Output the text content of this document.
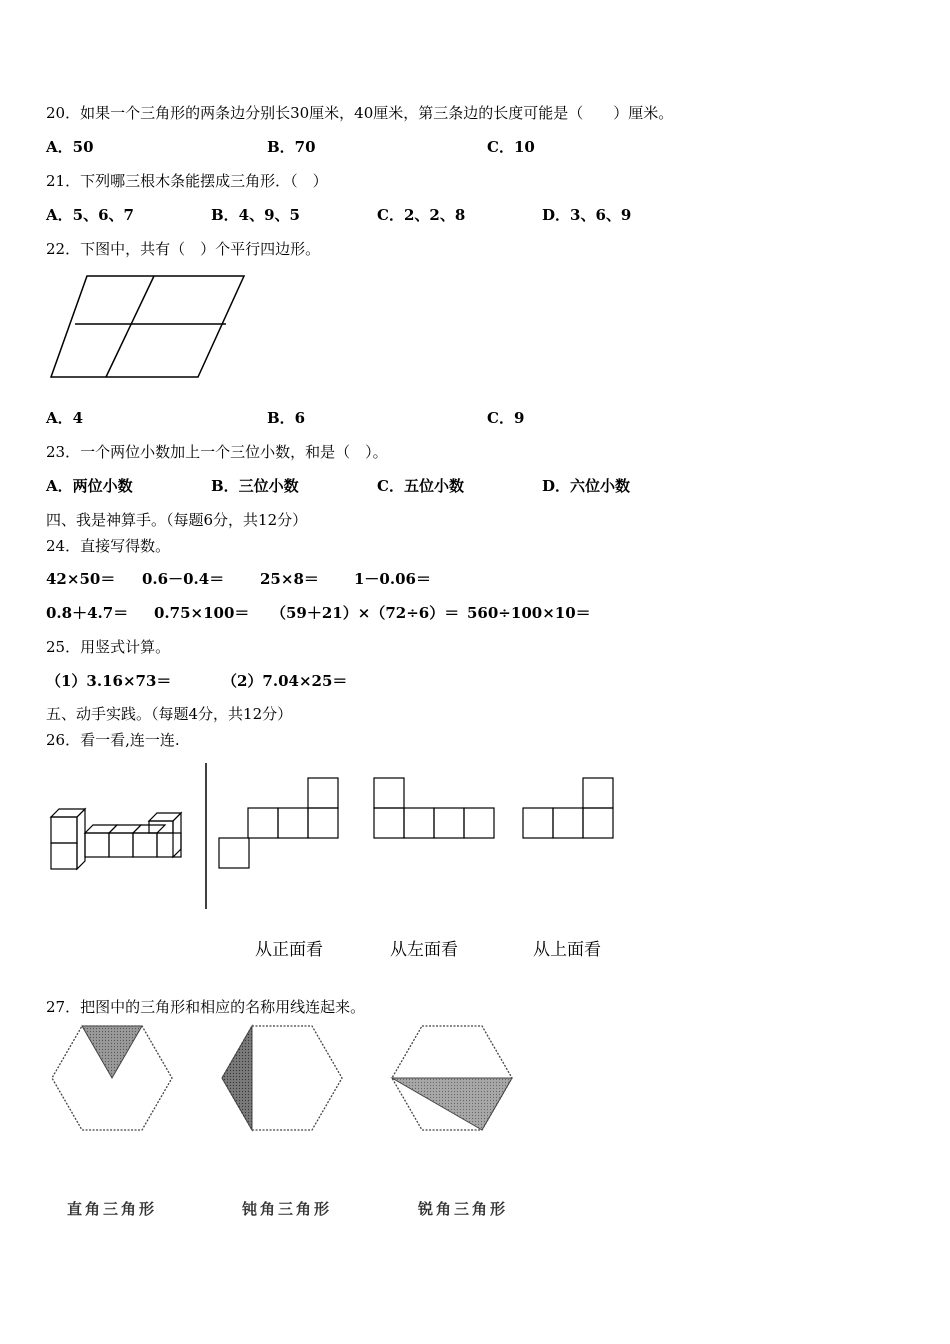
20．如果一个三角形的两条边分别长30厘米，40厘米，第三条边的长度可能是（　　）厘米。
A．50	B．70	C．10
21．下列哪三根木条能摆成三角形．（　）
A．5、6、7	B．4、9、5	C．2、2、8	D．3、6、9
22．下图中，共有（　）个平行四边形。
A．4	B．6	C．9
23．一个两位小数加上一个三位小数，和是（　）。
A．两位小数	B．三位小数	C．五位小数	D．六位小数
四、我是神算手。（每题6分，共12分）
24．直接写得数。
42×50＝ 0.6－0.4＝ 25×8＝ 1－0.06＝
0.8＋4.7＝ 0.75×100＝ （59＋21）×（72÷6）＝ 560÷100×10＝
25．用竖式计算。
（1）3.16×73＝	（2）7.04×25＝
五、动手实践。（每题4分，共12分）
26．看一看,连一连.
从正面看	从左面看	从上面看
27．把图中的三角形和相应的名称用线连起来。
直角三角形	钝角三角形	锐角三角形
